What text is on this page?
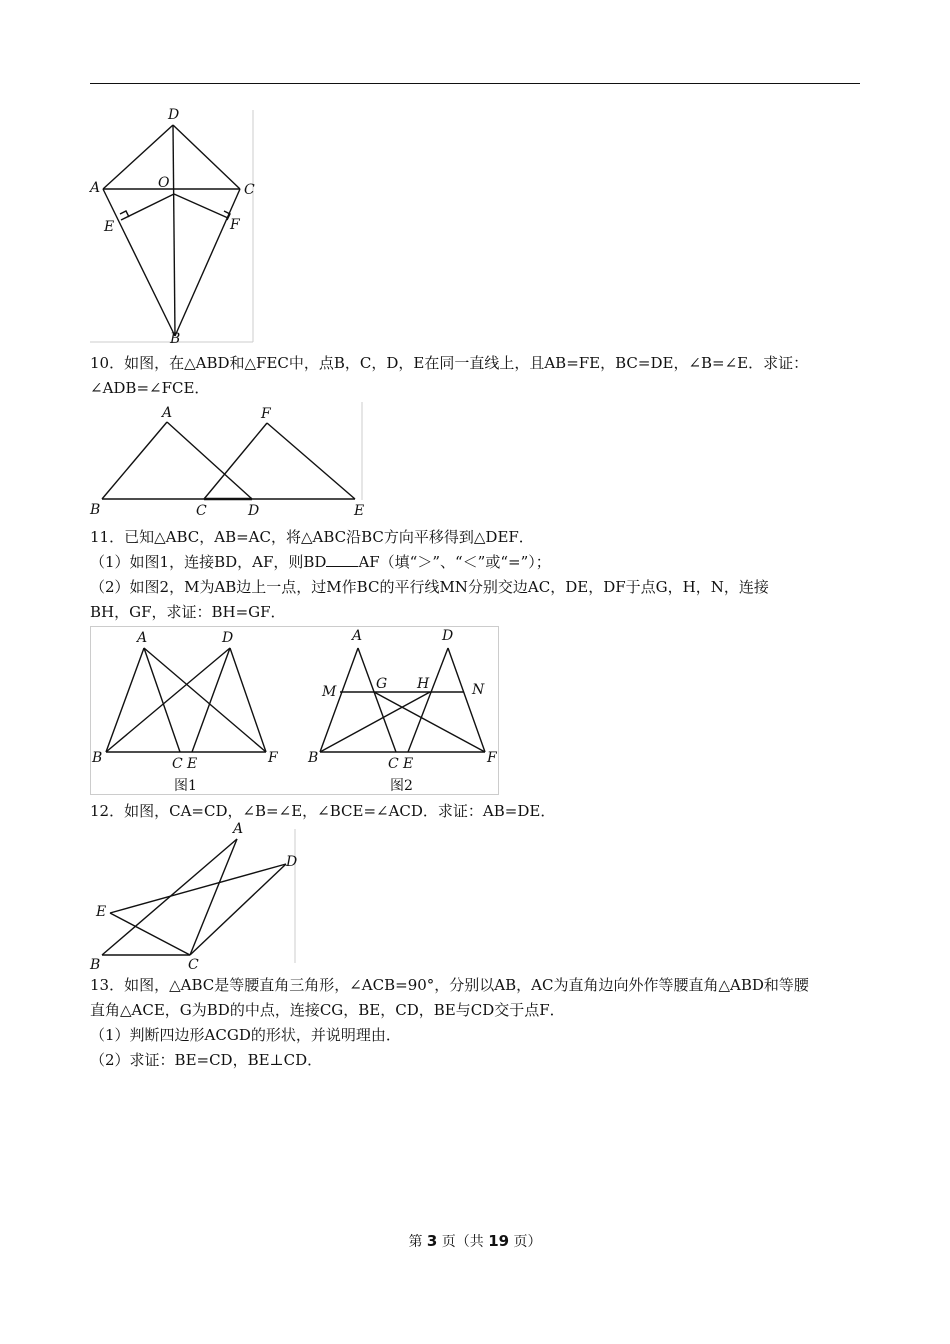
D
A	O	C
E	F
B
10．如图，在△ABD和△FEC中，点B，C，D，E在同一直线上，且AB=FE，BC=DE，∠B=∠E．求证：
∠ADB=∠FCE．
A	F
B	C	D	E
11．已知△ABC，AB=AC，将△ABC沿BC方向平移得到△DEF．
（1）如图1，连接BD，AF，则BD AF（填“＞”、“＜”或“=”）；
（2）如图2，M为AB边上一点，过M作BC的平行线MN分别交边AC，DE，DF于点G，H，N，连接
BH，GF，求证：BH=GF．
A	D
B	C E	F
图1
A	D
M	G H	N
B	C E	F
图2
12．如图，CA=CD，∠B=∠E，∠BCE=∠ACD．求证：AB=DE．
A
D
E
B	C
13．如图，△ABC是等腰直角三角形，∠ACB=90°，分别以AB，AC为直角边向外作等腰直角△ABD和等腰
直角△ACE，G为BD的中点，连接CG，BE，CD，BE与CD交于点F．
（1）判断四边形ACGD的形状，并说明理由．
（2）求证：BE=CD，BE⊥CD．
第 3 页（共 19 页）
